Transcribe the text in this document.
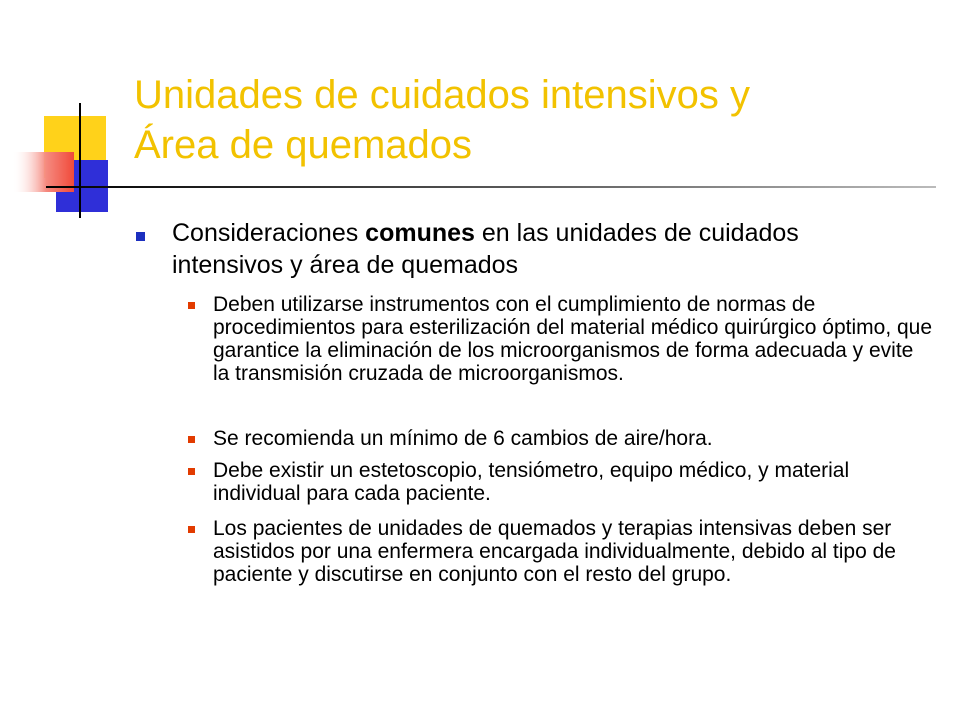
Unidades de cuidados intensivos y
Área de quemados
Consideraciones comunes en las unidades de cuidados intensivos y área de quemados
Deben utilizarse instrumentos con el cumplimiento de normas de procedimientos para esterilización del material médico quirúrgico óptimo, que garantice la eliminación de los microorganismos de forma adecuada y evite la transmisión cruzada de microorganismos.
Se recomienda un mínimo de 6 cambios de aire/hora.
Debe existir un estetoscopio, tensiómetro, equipo médico, y material individual para cada paciente.
Los pacientes de unidades de quemados y terapias intensivas deben ser asistidos por una enfermera encargada individualmente, debido al tipo de paciente y discutirse en conjunto con el resto del grupo.
